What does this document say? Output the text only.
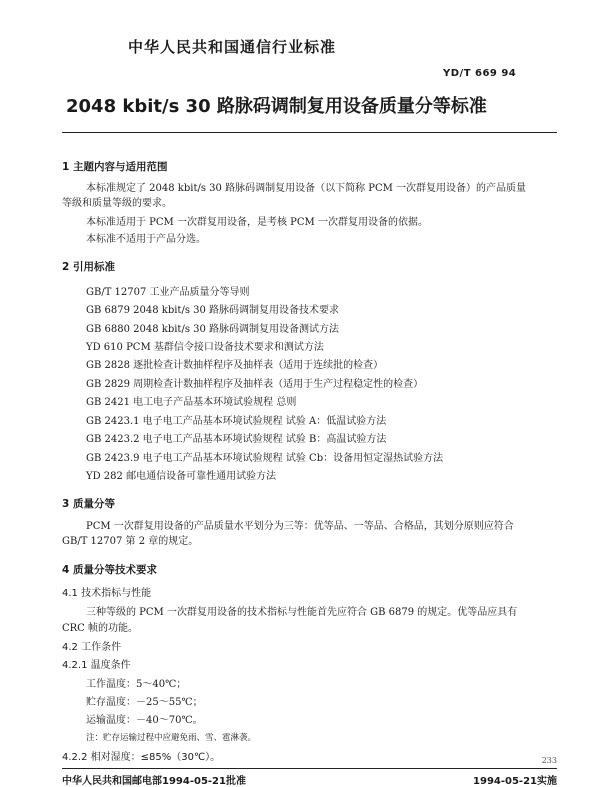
中华人民共和国通信行业标准
YD/T 669 94
2048 kbit/s 30 路脉码调制复用设备质量分等标准
1 主题内容与适用范围
本标准规定了 2048 kbit/s 30 路脉码调制复用设备（以下简称 PCM 一次群复用设备）的产品质量
等级和质量等级的要求。
本标准适用于 PCM 一次群复用设备，是考核 PCM 一次群复用设备的依据。
本标准不适用于产品分选。
2 引用标准
GB/T 12707 工业产品质量分等导则
GB 6879 2048 kbit/s 30 路脉码调制复用设备技术要求
GB 6880 2048 kbit/s 30 路脉码调制复用设备测试方法
YD 610 PCM 基群信令接口设备技术要求和测试方法
GB 2828 逐批检查计数抽样程序及抽样表（适用于连续批的检查）
GB 2829 周期检查计数抽样程序及抽样表（适用于生产过程稳定性的检查）
GB 2421 电工电子产品基本环境试验规程 总则
GB 2423.1 电子电工产品基本环境试验规程 试验 A：低温试验方法
GB 2423.2 电子电工产品基本环境试验规程 试验 B：高温试验方法
GB 2423.9 电子电工产品基本环境试验规程 试验 Cb：设备用恒定湿热试验方法
YD 282 邮电通信设备可靠性通用试验方法
3 质量分等
PCM 一次群复用设备的产品质量水平划分为三等：优等品、一等品、合格品，其划分原则应符合
GB/T 12707 第 2 章的规定。
4 质量分等技术要求
4.1 技术指标与性能
三种等级的 PCM 一次群复用设备的技术指标与性能首先应符合 GB 6879 的规定。优等品应具有
CRC 帧的功能。
4.2 工作条件
4.2.1 温度条件
工作温度：5～40℃；
贮存温度：－25～55℃；
运输温度：－40～70℃。
注：贮存运输过程中应避免雨、雪、雹淋袭。
4.2.2 相对湿度：≤85%（30℃）。
中华人民共和国邮电部1994-05-21批准	1994-05-21实施
233
